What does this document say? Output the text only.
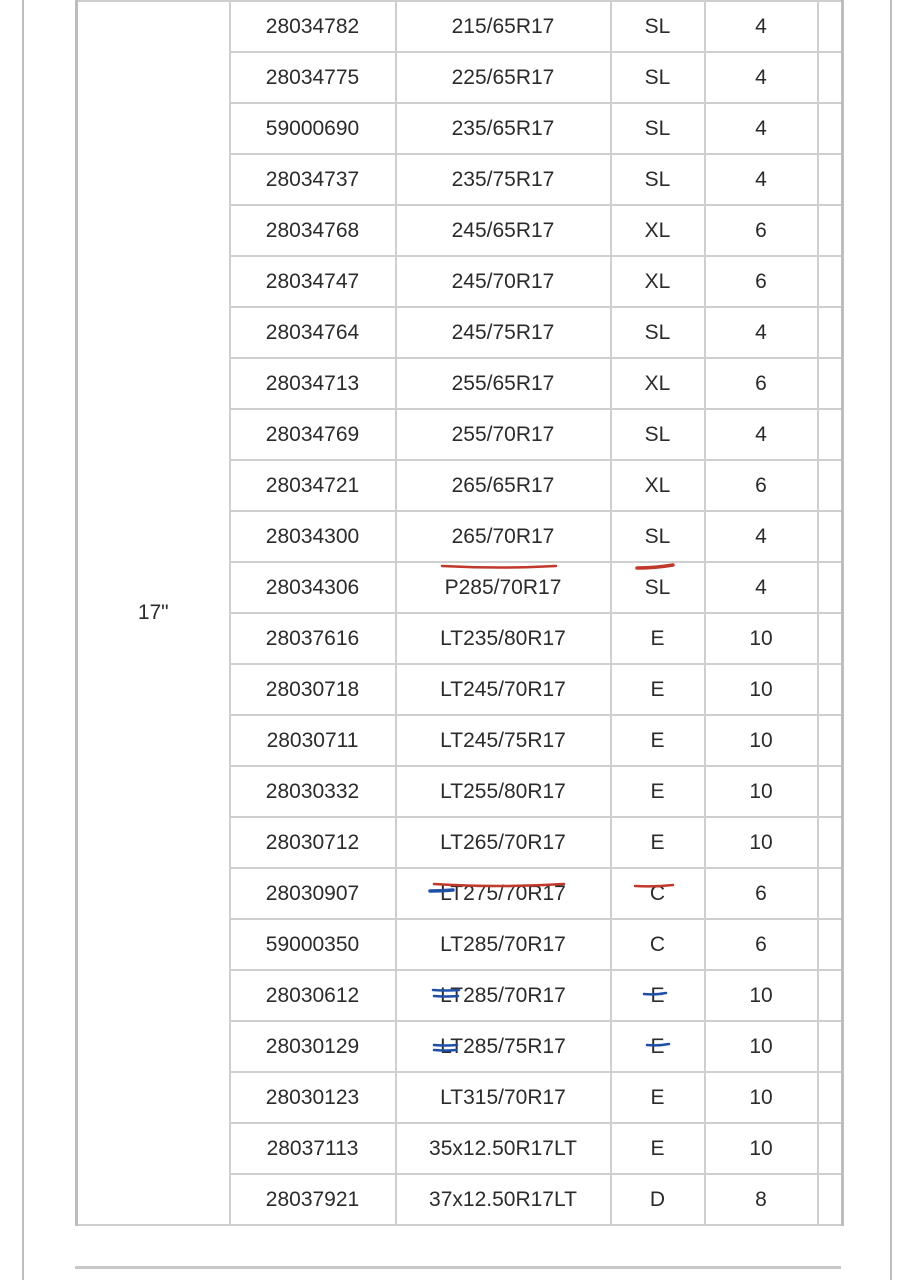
17"	28034782	215/65R17	SL	4	
	28034775	225/65R17	SL	4	
	59000690	235/65R17	SL	4	
	28034737	235/75R17	SL	4	
	28034768	245/65R17	XL	6	
	28034747	245/70R17	XL	6	
	28034764	245/75R17	SL	4	
	28034713	255/65R17	XL	6	
	28034769	255/70R17	SL	4	
	28034721	265/65R17	XL	6	
	28034300	265/70R17	SL	4	
	28034306	P285/70R17	SL	4	
	28037616	LT235/80R17	E	10	
	28030718	LT245/70R17	E	10	
	28030711	LT245/75R17	E	10	
	28030332	LT255/80R17	E	10	
	28030712	LT265/70R17	E	10	
	28030907	LT275/70R17	C	6	
	59000350	LT285/70R17	C	6	
	28030612	LT285/70R17	E	10	
	28030129	LT285/75R17	E	10	
	28030123	LT315/70R17	E	10	
	28037113	35x12.50R17LT	E	10	
	28037921	37x12.50R17LT	D	8	
